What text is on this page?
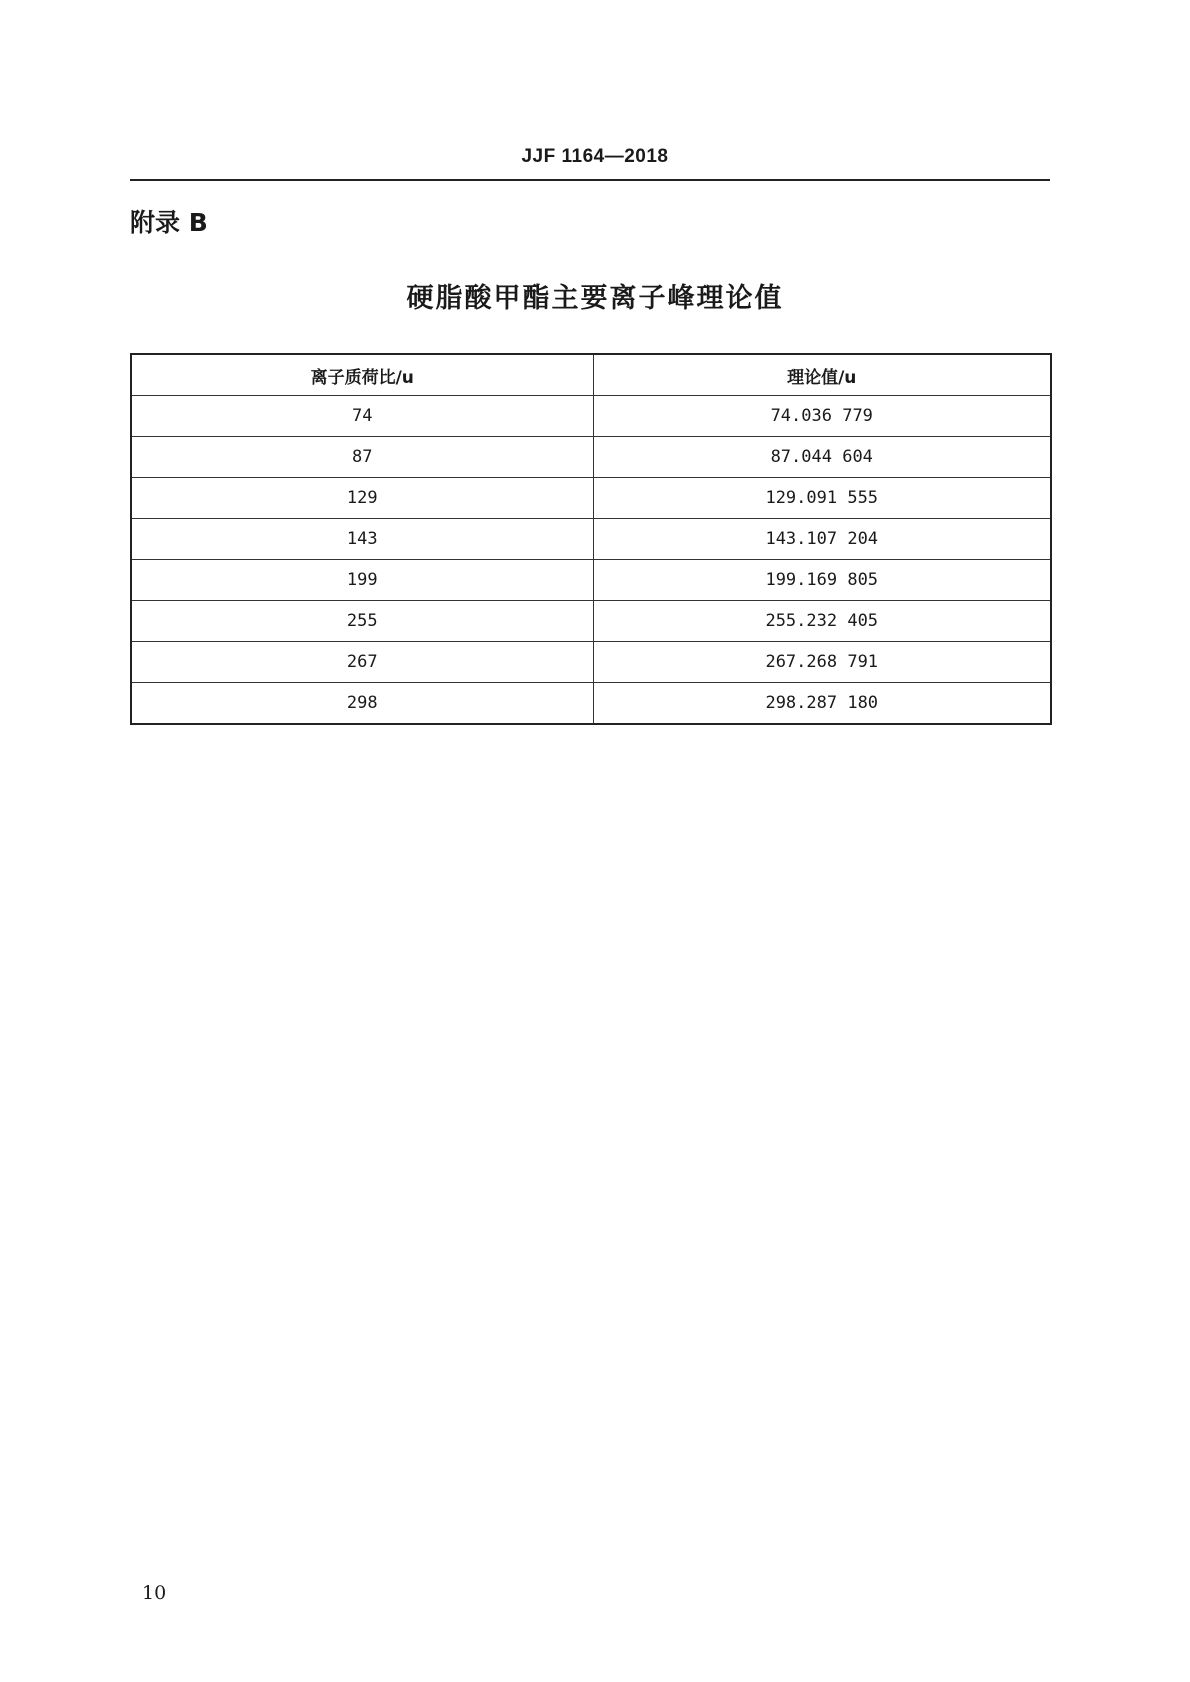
JJF 1164—2018
附录 B
硬脂酸甲酯主要离子峰理论值
离子质荷比/u	理论值/u
74	74.036 779
87	87.044 604
129	129.091 555
143	143.107 204
199	199.169 805
255	255.232 405
267	267.268 791
298	298.287 180
10
